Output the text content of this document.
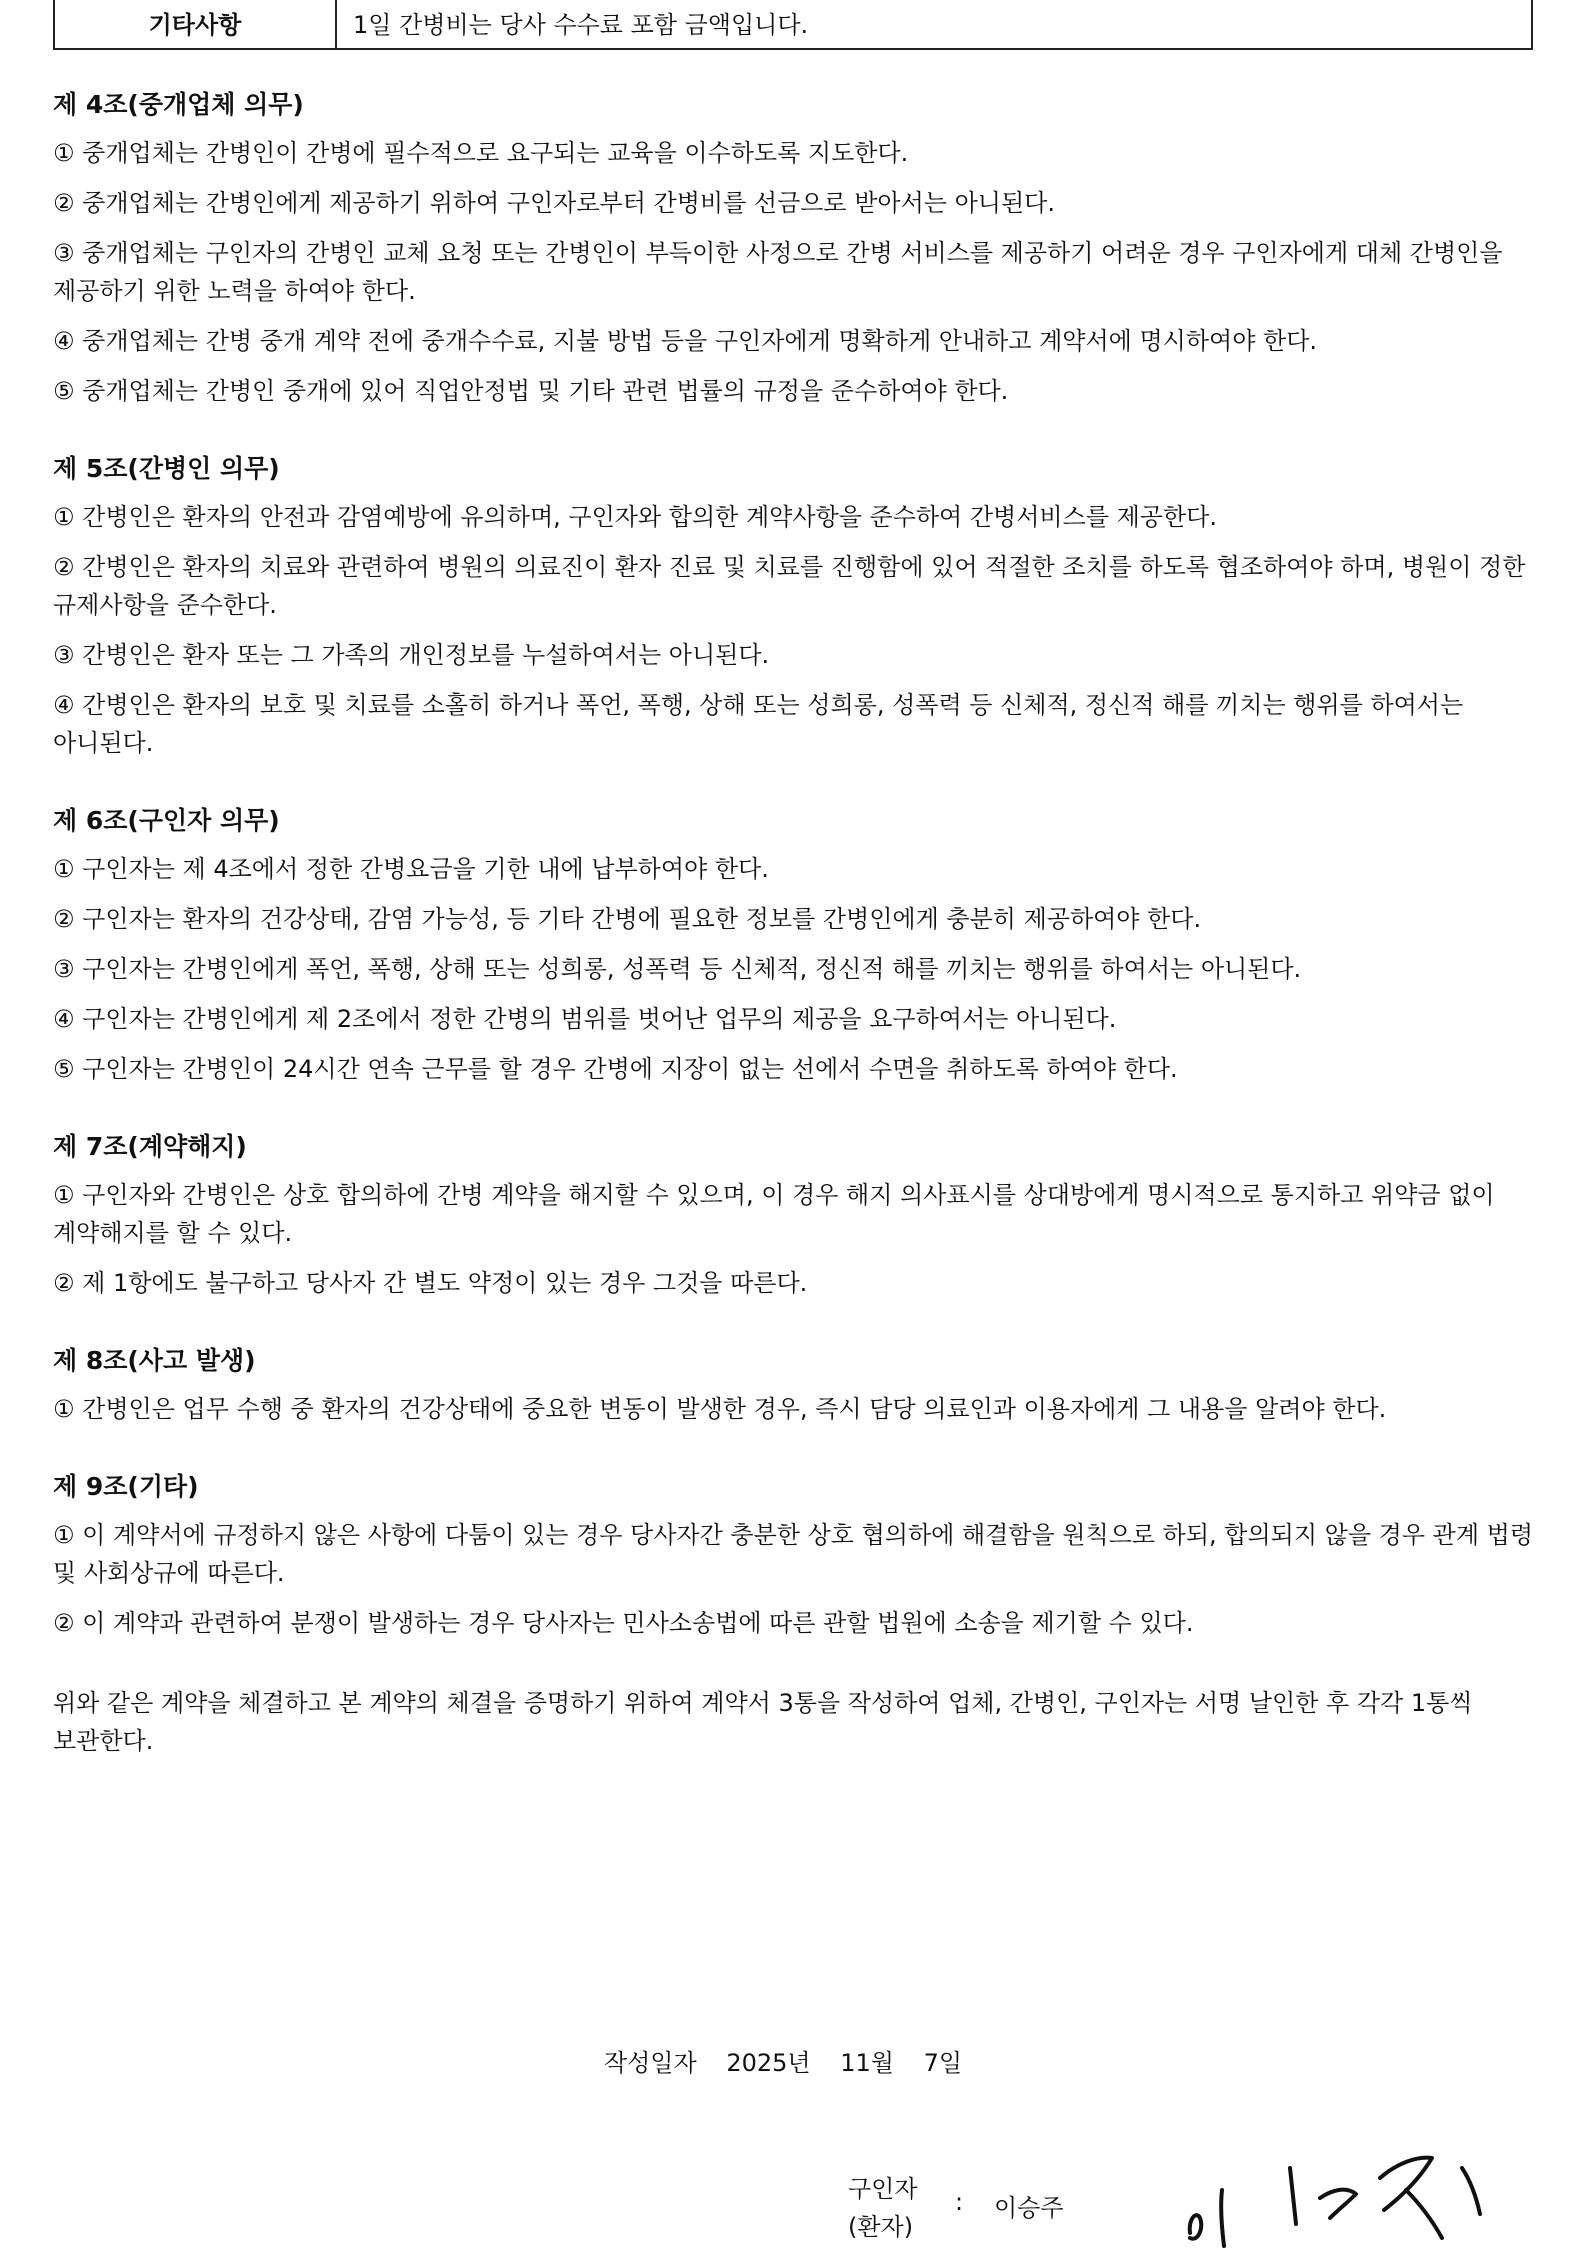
기타사항	1일 간병비는 당사 수수료 포함 금액입니다.
제 4조(중개업체 의무)
① 중개업체는 간병인이 간병에 필수적으로 요구되는 교육을 이수하도록 지도한다.
② 중개업체는 간병인에게 제공하기 위하여 구인자로부터 간병비를 선금으로 받아서는 아니된다.
③ 중개업체는 구인자의 간병인 교체 요청 또는 간병인이 부득이한 사정으로 간병 서비스를 제공하기 어려운 경우 구인자에게 대체 간병인을 제공하기 위한 노력을 하여야 한다.
④ 중개업체는 간병 중개 계약 전에 중개수수료, 지불 방법 등을 구인자에게 명확하게 안내하고 계약서에 명시하여야 한다.
⑤ 중개업체는 간병인 중개에 있어 직업안정법 및 기타 관련 법률의 규정을 준수하여야 한다.
제 5조(간병인 의무)
① 간병인은 환자의 안전과 감염예방에 유의하며, 구인자와 합의한 계약사항을 준수하여 간병서비스를 제공한다.
② 간병인은 환자의 치료와 관련하여 병원의 의료진이 환자 진료 및 치료를 진행함에 있어 적절한 조치를 하도록 협조하여야 하며, 병원이 정한 규제사항을 준수한다.
③ 간병인은 환자 또는 그 가족의 개인정보를 누설하여서는 아니된다.
④ 간병인은 환자의 보호 및 치료를 소홀히 하거나 폭언, 폭행, 상해 또는 성희롱, 성폭력 등 신체적, 정신적 해를 끼치는 행위를 하여서는 아니된다.
제 6조(구인자 의무)
① 구인자는 제 4조에서 정한 간병요금을 기한 내에 납부하여야 한다.
② 구인자는 환자의 건강상태, 감염 가능성, 등 기타 간병에 필요한 정보를 간병인에게 충분히 제공하여야 한다.
③ 구인자는 간병인에게 폭언, 폭행, 상해 또는 성희롱, 성폭력 등 신체적, 정신적 해를 끼치는 행위를 하여서는 아니된다.
④ 구인자는 간병인에게 제 2조에서 정한 간병의 범위를 벗어난 업무의 제공을 요구하여서는 아니된다.
⑤ 구인자는 간병인이 24시간 연속 근무를 할 경우 간병에 지장이 없는 선에서 수면을 취하도록 하여야 한다.
제 7조(계약해지)
① 구인자와 간병인은 상호 합의하에 간병 계약을 해지할 수 있으며, 이 경우 해지 의사표시를 상대방에게 명시적으로 통지하고 위약금 없이 계약해지를 할 수 있다.
② 제 1항에도 불구하고 당사자 간 별도 약정이 있는 경우 그것을 따른다.
제 8조(사고 발생)
① 간병인은 업무 수행 중 환자의 건강상태에 중요한 변동이 발생한 경우, 즉시 담당 의료인과 이용자에게 그 내용을 알려야 한다.
제 9조(기타)
① 이 계약서에 규정하지 않은 사항에 다툼이 있는 경우 당사자간 충분한 상호 협의하에 해결함을 원칙으로 하되, 합의되지 않을 경우 관계 법령 및 사회상규에 따른다.
② 이 계약과 관련하여 분쟁이 발생하는 경우 당사자는 민사소송법에 따른 관할 법원에 소송을 제기할 수 있다.
위와 같은 계약을 체결하고 본 계약의 체결을 증명하기 위하여 계약서 3통을 작성하여 업체, 간병인, 구인자는 서명 날인한 후 각각 1통씩 보관한다.
작성일자 2025년 11월 7일
구인자
(환자)
: 이승주
